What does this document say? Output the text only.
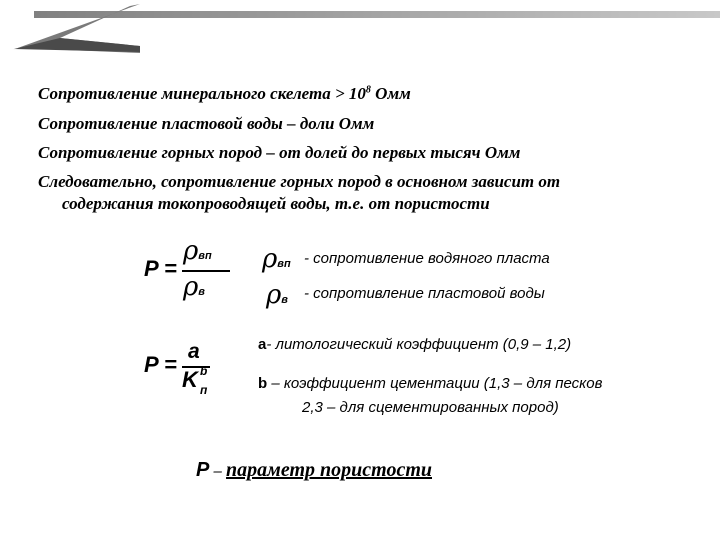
Сопротивление минерального скелета > $10^8$ Омм
Сопротивление пластовой воды – доли Омм
Сопротивление горных пород – от долей до первых тысяч Омм
Следовательно, сопротивление горных пород в основном зависит от
содержания токопроводящей воды, т.е. от пористости
P =
ρвп
ρв
ρвп - сопротивление водяного пласта
ρв - сопротивление пластовой воды
P =
a
K b
п
а- литологический коэффициент (0,9 – 1,2)
b – коэффициент цементации (1,3 – для песков
2,3 – для сцементированных пород)
P – параметр пористости
